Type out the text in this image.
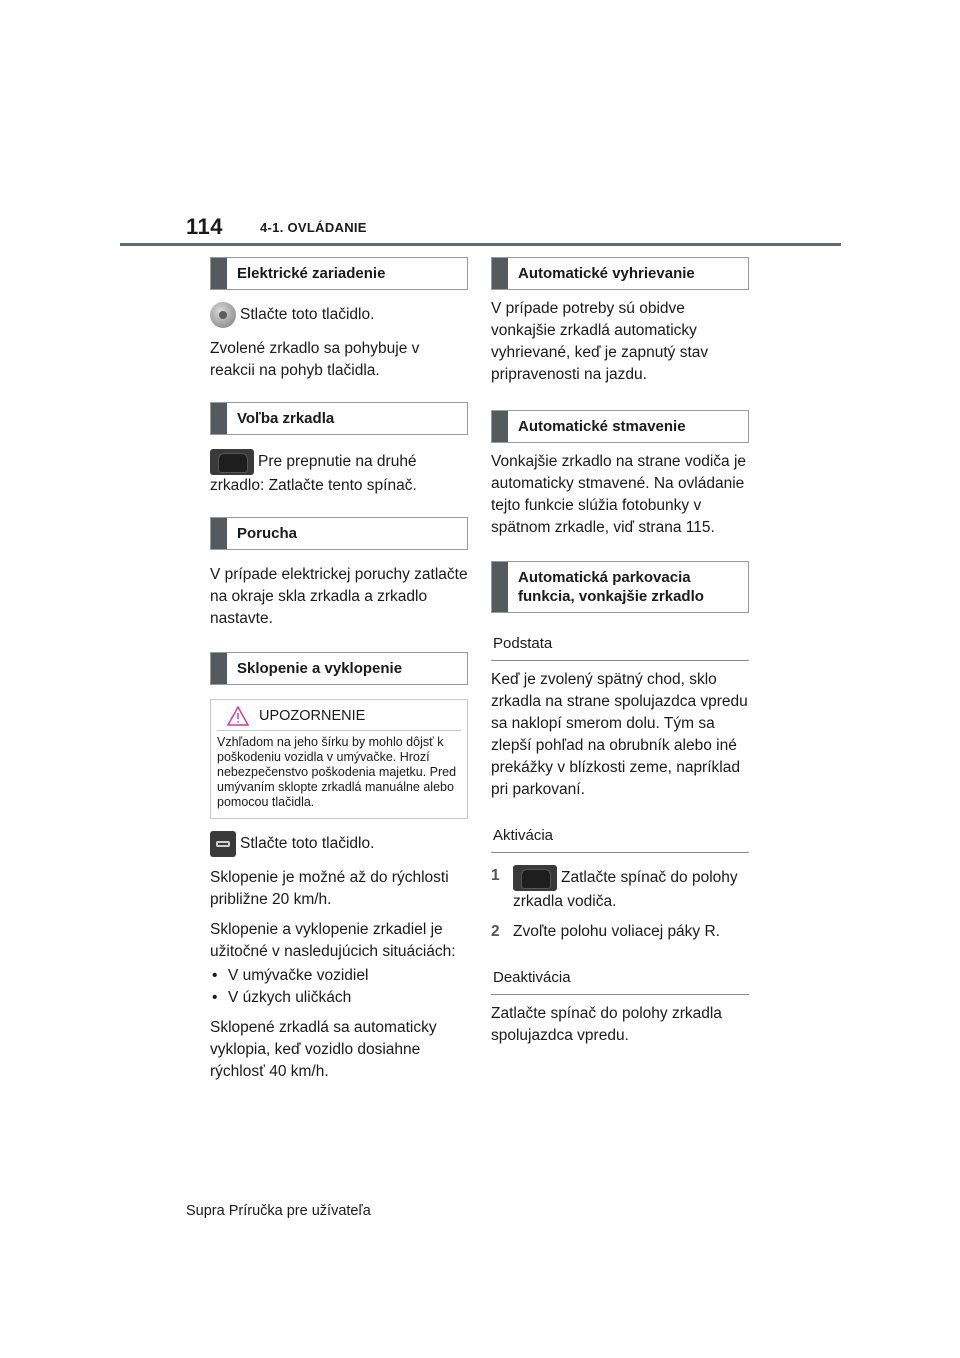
114	4-1. OVLÁDANIE
Elektrické zariadenie

Stlačte toto tlačidlo.

Zvolené zrkadlo sa pohybuje v reakcii na pohyb tlačidla.

Voľba zrkadla

Pre prepnutie na druhé zrkadlo: Zatlačte tento spínač.

Porucha

V prípade elektrickej poruchy zatlačte na okraje skla zrkadla a zrkadlo nastavte.

Sklopenie a vyklopenie
UPOZORNENIE
Vzhľadom na jeho šírku by mohlo dôjsť k poškodeniu vozidla v umývačke. Hrozí nebezpečenstvo poškodenia majetku. Pred umývaním sklopte zrkadlá manuálne alebo pomocou tlačidla.

Stlačte toto tlačidlo.

Sklopenie je možné až do rýchlosti približne 20 km/h.

Sklopenie a vyklopenie zrkadiel je užitočné v nasledujúcich situáciách:

• V umývačke vozidiel
• V úzkych uličkách

Sklopené zrkadlá sa automaticky vyklopia, keď vozidlo dosiahne rýchlosť 40 km/h.

Automatické vyhrievanie

V prípade potreby sú obidve vonkajšie zrkadlá automaticky vyhrievané, keď je zapnutý stav pripravenosti na jazdu.

Automatické stmavenie

Vonkajšie zrkadlo na strane vodiča je automaticky stmavené. Na ovládanie tejto funkcie slúžia fotobunky v spätnom zrkadle, viď strana 115.

Automatická parkovacia funkcia, vonkajšie zrkadlo
Podstata

Keď je zvolený spätný chod, sklo zrkadla na strane spolujazdca vpredu sa naklopí smerom dolu. Tým sa zlepší pohľad na obrubník alebo iné prekážky v blízkosti zeme, napríklad pri parkovaní.

Aktivácia
1	Zatlačte spínač do polohy zrkadla vodiča.
2 Zvoľte polohu voliacej páky R.
Deaktivácia

Zatlačte spínač do polohy zrkadla spolujazdca vpredu.

Supra Príručka pre užívateľa
